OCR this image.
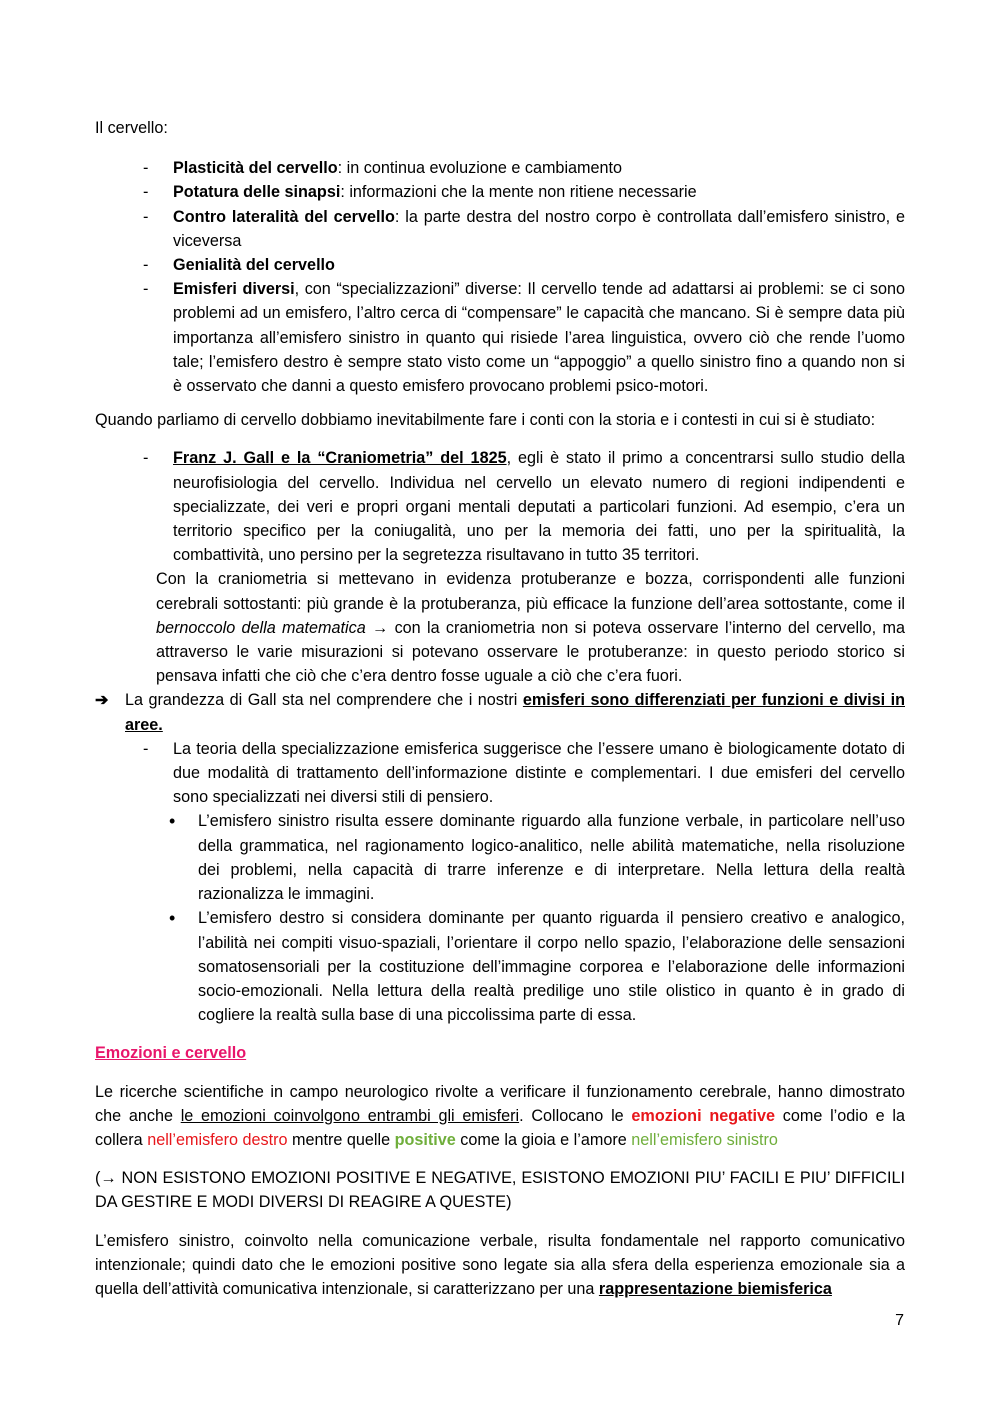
Il cervello:

- Plasticità del cervello: in continua evoluzione e cambiamento
- Potatura delle sinapsi: informazioni che la mente non ritiene necessarie
- Contro lateralità del cervello: la parte destra del nostro corpo è controllata dall’emisfero sinistro, e viceversa
- Genialità del cervello
- Emisferi diversi, con “specializzazioni” diverse: Il cervello tende ad adattarsi ai problemi: se ci sono problemi ad un emisfero, l’altro cerca di “compensare” le capacità che mancano. Si è sempre data più importanza all’emisfero sinistro in quanto qui risiede l’area linguistica, ovvero ciò che rende l’uomo tale; l’emisfero destro è sempre stato visto come un “appoggio” a quello sinistro fino a quando non si è osservato che danni a questo emisfero provocano problemi psico-motori.

Quando parliamo di cervello dobbiamo inevitabilmente fare i conti con la storia e i contesti in cui si è studiato:

- Franz J. Gall e la “Craniometria” del 1825, egli è stato il primo a concentrarsi sullo studio della neurofisiologia del cervello. Individua nel cervello un elevato numero di regioni indipendenti e specializzate, dei veri e propri organi mentali deputati a particolari funzioni. Ad esempio, c’era un territorio specifico per la coniugalità, uno per la memoria dei fatti, uno per la spiritualità, la combattività, uno persino per la segretezza risultavano in tutto 35 territori.

Con la craniometria si mettevano in evidenza protuberanze e bozza, corrispondenti alle funzioni cerebrali sottostanti: più grande è la protuberanza, più efficace la funzione dell’area sottostante, come il bernoccolo della matematica → con la craniometria non si poteva osservare l’interno del cervello, ma attraverso le varie misurazioni si potevano osservare le protuberanze: in questo periodo storico si pensava infatti che ciò che c’era dentro fosse uguale a ciò che c’era fuori.

➔ La grandezza di Gall sta nel comprendere che i nostri emisferi sono differenziati per funzioni e divisi in aree.
- La teoria della specializzazione emisferica suggerisce che l’essere umano è biologicamente dotato di due modalità di trattamento dell’informazione distinte e complementari. I due emisferi del cervello sono specializzati nei diversi stili di pensiero.
• L’emisfero sinistro risulta essere dominante riguardo alla funzione verbale, in particolare nell’uso della grammatica, nel ragionamento logico-analitico, nelle abilità matematiche, nella risoluzione dei problemi, nella capacità di trarre inferenze e di interpretare. Nella lettura della realtà razionalizza le immagini.
• L’emisfero destro si considera dominante per quanto riguarda il pensiero creativo e analogico, l’abilità nei compiti visuo-spaziali, l’orientare il corpo nello spazio, l’elaborazione delle sensazioni somatosensoriali per la costituzione dell’immagine corporea e l’elaborazione delle informazioni socio-emozionali. Nella lettura della realtà predilige uno stile olistico in quanto è in grado di cogliere la realtà sulla base di una piccolissima parte di essa.

Emozioni e cervello

Le ricerche scientifiche in campo neurologico rivolte a verificare il funzionamento cerebrale, hanno dimostrato che anche le emozioni coinvolgono entrambi gli emisferi. Collocano le emozioni negative come l’odio e la collera nell’emisfero destro mentre quelle positive come la gioia e l’amore nell’emisfero sinistro

(→ NON ESISTONO EMOZIONI POSITIVE E NEGATIVE, ESISTONO EMOZIONI PIU’ FACILI E PIU’ DIFFICILI DA GESTIRE E MODI DIVERSI DI REAGIRE A QUESTE)

L’emisfero sinistro, coinvolto nella comunicazione verbale, risulta fondamentale nel rapporto comunicativo intenzionale; quindi dato che le emozioni positive sono legate sia alla sfera della esperienza emozionale sia a quella dell’attività comunicativa intenzionale, si caratterizzano per una rappresentazione biemisferica

7
